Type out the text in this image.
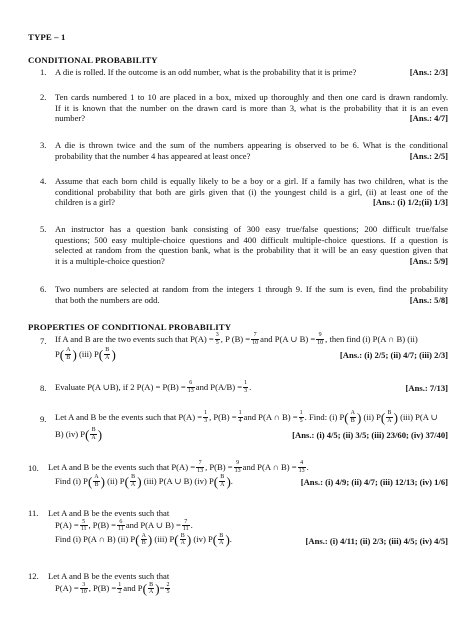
TYPE – 1
CONDITIONAL PROBABILITY
1. A die is rolled. If the outcome is an odd number, what is the probability that it is prime?	[Ans.: 2/3]
2. Ten cards numbered 1 to 10 are placed in a box, mixed up thoroughly and then one card is drawn randomly.
If it is known that the number on the drawn card is more than 3, what is the probability that it is an even
number?	[Ans.: 4/7]
3. A die is thrown twice and the sum of the numbers appearing is observed to be 6. What is the conditional
probability that the number 4 has appeared at least once?	[Ans.: 2/5]
4. Assume that each born child is equally likely to be a boy or a girl. If a family has two children, what is the
conditional probability that both are girls given that (i) the youngest child is a girl, (ii) at least one of the
children is a girl?	[Ans.: (i) 1/2;(ii) 1/3]
5. An instructor has a question bank consisting of 300 easy true/false questions; 200 difficult true/false
questions; 500 easy multiple-choice questions and 400 difficult multiple-choice questions. If a question is
selected at random from the question bank, what is the probability that it will be an easy question given that
it is a multiple-choice question?	[Ans.: 5/9]
6. Two numbers are selected at random from the integers 1 through 9. If the sum is even, find the probability
that both the numbers are odd.	[Ans.: 5/8]
PROPERTIES OF CONDITIONAL PROBABILITY
7. If A and B are the two events such that $P(A) = \frac{3}{5}$ , P $(B) = \frac{7}{10}$ and P(A ∪ $B) = \frac{9}{10}$ , then find (i) P(A ∩ B) (ii)
P ( $\frac{A}{B}$ )
(iii) P ( $\frac{B}{A}$ )	[Ans.: (i) 2/5; (ii) 4/7; (iii) 2/3]
8. Evaluate P(A ∪B), if 2 $P(A) = P(B) = \frac{6}{13}$ and $P(A/B) = \frac{1}{3}$ .	[Ans.: 7/13]
9. Let A and B be the events such that $P(A) = \frac{1}{3}$ , $P(B) = \frac{1}{4}$ and P(A ∩ $B) = \frac{1}{5}$ . Find: (i) P ( $\frac{A}{B}$ )
(ii) P ( $\frac{B}{A}$ )
(iii) P(A ∪
B) (iv) P ( $\frac{B}{A}$ )	[Ans.: (i) 4/5; (ii) 3/5; (iii) 23/60; (iv) 37/40]
10. Let A and B be the events such that $P(A) = \frac{7}{13}$ , $P(B) = \frac{9}{13}$ and P(A ∩ $B) = \frac{4}{13}$ .
Find (i) P ( $\frac{A}{B}$ )
(ii) P ( $\frac{B}{A}$ )
(iii) P(A ∪ B) (iv) P ( $\frac{B}{A}$ ) .	[Ans.: (i) 4/9; (ii) 4/7; (iii) 12/13; (iv) 1/6]
11.	Let A and B be the events such that
$P(A) = \frac{5}{11}$ , $P(B) = \frac{6}{11}$ and P(A ∪ $B) = \frac{7}{11}$ .
Find (i) P(A ∩ B) (ii) P ( $\frac{A}{B}$ )
(iii) P ( $\frac{B}{A}$ )
(iv) P ( $\frac{B}{A}$ ) .	[Ans.: (i) 4/11; (ii) 2/3; (iii) 4/5; (iv) 4/5]
12.	Let A and B be the events such that
$P(A) = \frac{3}{10}$ , $P(B) = \frac{1}{2}$ and P ( $\frac{B}{A}$ ) = $\frac{2}{5}$
